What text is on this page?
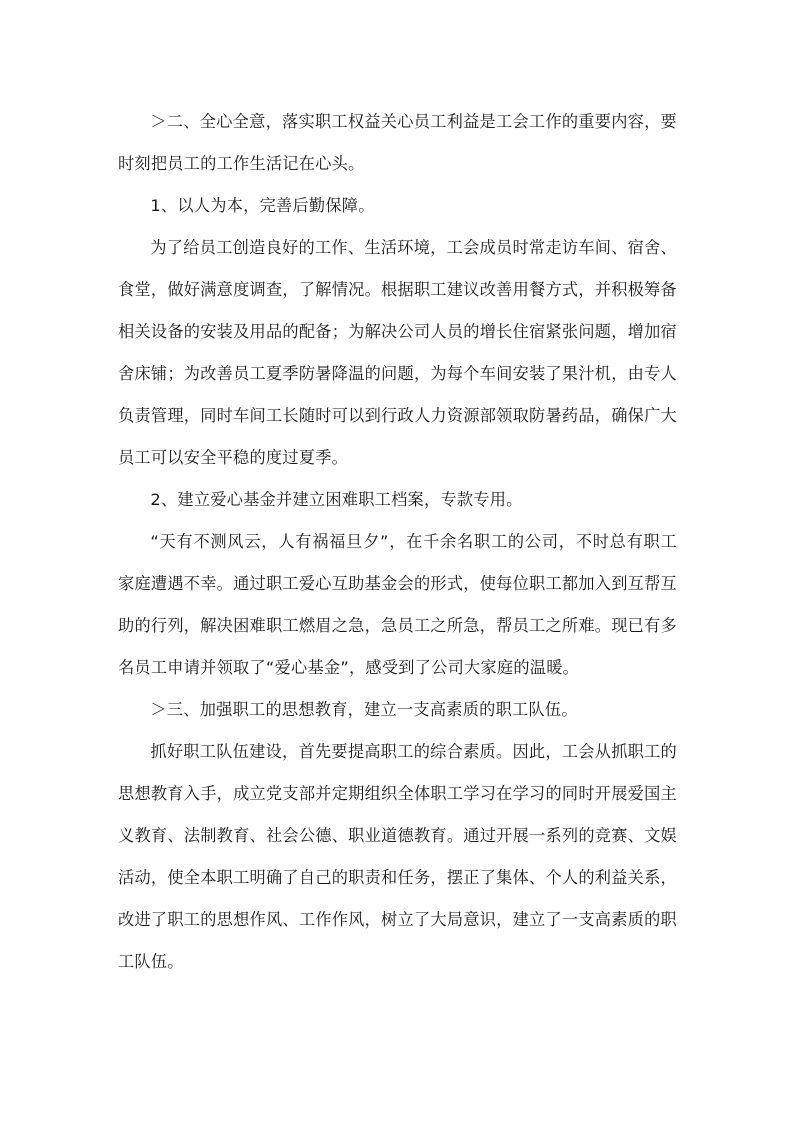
＞二、全心全意，落实职工权益关心员工利益是工会工作的重要内容，要时刻把员工的工作生活记在心头。

1、以人为本，完善后勤保障。

为了给员工创造良好的工作、生活环境，工会成员时常走访车间、宿舍、食堂，做好满意度调查，了解情况。根据职工建议改善用餐方式，并积极筹备相关设备的安装及用品的配备；为解决公司人员的增长住宿紧张问题，增加宿舍床铺；为改善员工夏季防暑降温的问题，为每个车间安装了果汁机，由专人负责管理，同时车间工长随时可以到行政人力资源部领取防暑药品，确保广大员工可以安全平稳的度过夏季。

2、建立爱心基金并建立困难职工档案，专款专用。

“天有不测风云，人有祸福旦夕”，在千余名职工的公司，不时总有职工家庭遭遇不幸。通过职工爱心互助基金会的形式，使每位职工都加入到互帮互助的行列，解决困难职工燃眉之急，急员工之所急，帮员工之所难。现已有多名员工申请并领取了“爱心基金”，感受到了公司大家庭的温暖。

＞三、加强职工的思想教育，建立一支高素质的职工队伍。

抓好职工队伍建设，首先要提高职工的综合素质。因此，工会从抓职工的思想教育入手，成立党支部并定期组织全体职工学习在学习的同时开展爱国主义教育、法制教育、社会公德、职业道德教育。通过开展一系列的竞赛、文娱活动，使全本职工明确了自己的职责和任务，摆正了集体、个人的利益关系，改进了职工的思想作风、工作作风，树立了大局意识，建立了一支高素质的职工队伍。
